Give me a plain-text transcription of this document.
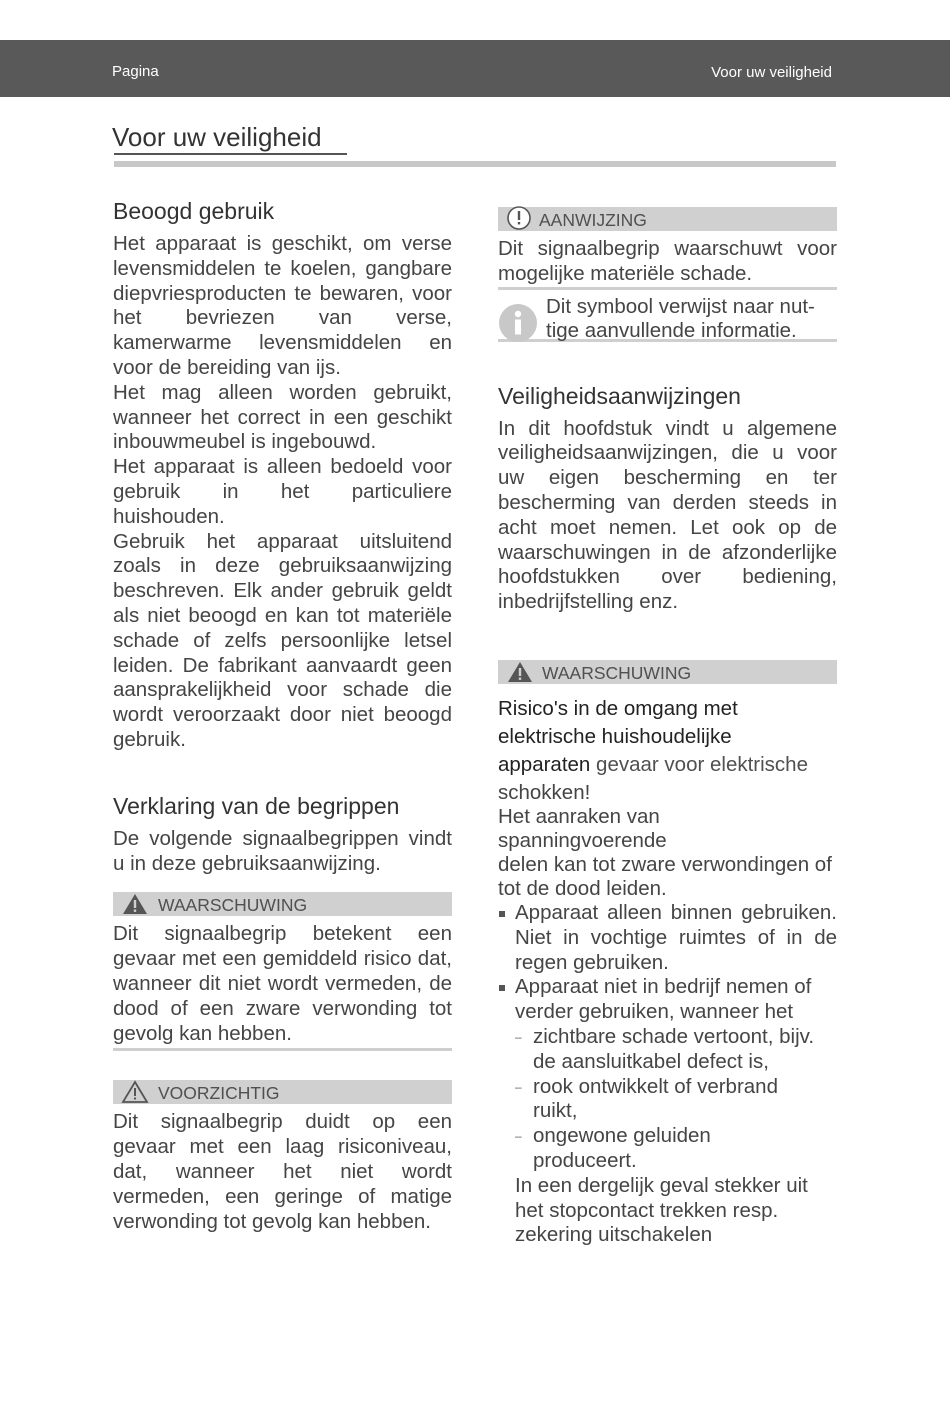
Pagina	Voor uw veiligheid
Voor uw veiligheid
Beoogd gebruik

Het apparaat is geschikt, om verse levensmiddelen te koelen, gangbare diepvriesproducten te bewaren, voor het bevriezen van verse, kamerwarme levensmiddelen en voor de bereiding van ijs.

Het mag alleen worden gebruikt, wanneer het correct in een geschikt inbouwmeubel is ingebouwd.

Het apparaat is alleen bedoeld voor gebruik in het particuliere huishouden.

Gebruik het apparaat uitsluitend zoals in deze gebruiksaanwijzing beschreven. Elk ander gebruik geldt als niet beoogd en kan tot materiële schade of zelfs persoonlijke letsel leiden. De fabrikant aanvaardt geen aansprakelijkheid voor schade die wordt veroorzaakt door niet beoogd gebruik.

Verklaring van de begrippen

De volgende signaalbegrippen vindt u in deze gebruiksaanwijzing.

WAARSCHUWING

Dit signaalbegrip betekent een gevaar met een gemiddeld risico dat, wanneer dit niet wordt vermeden, de dood of een zware verwonding tot gevolg kan hebben.

VOORZICHTIG

Dit signaalbegrip duidt op een gevaar met een laag risiconiveau, dat, wanneer het niet wordt vermeden, een geringe of matige verwonding tot gevolg kan hebben.

AANWIJZING

Dit signaalbegrip waarschuwt voor mogelijke materiële schade.

Dit symbool verwijst naar nut-tige aanvullende informatie.

Veiligheidsaanwijzingen

In dit hoofdstuk vindt u algemene veiligheidsaanwijzingen, die u voor uw eigen bescherming en ter bescherming van derden steeds in acht moet nemen. Let ook op de waarschuwingen in de afzonderlijke hoofdstukken over bediening, inbedrijfstelling enz.

WAARSCHUWING
Risico's in de omgang met
elektrische huishoudelijke
apparaten gevaar voor elektrische
schokken!
Het aanraken van
spanningvoerende
delen kan tot zware verwondingen of tot de dood leiden.
Apparaat alleen binnen gebruiken. Niet in vochtige ruimtes of in de regen gebruiken.
Apparaat niet in bedrijf nemen of verder gebruiken, wanneer het
– zichtbare schade vertoont, bijv. de aansluitkabel defect is,
– rook ontwikkelt of verbrand ruikt,
– ongewone geluiden produceert.

In een dergelijk geval stekker uit het stopcontact trekken resp. zekering uitschakelen
